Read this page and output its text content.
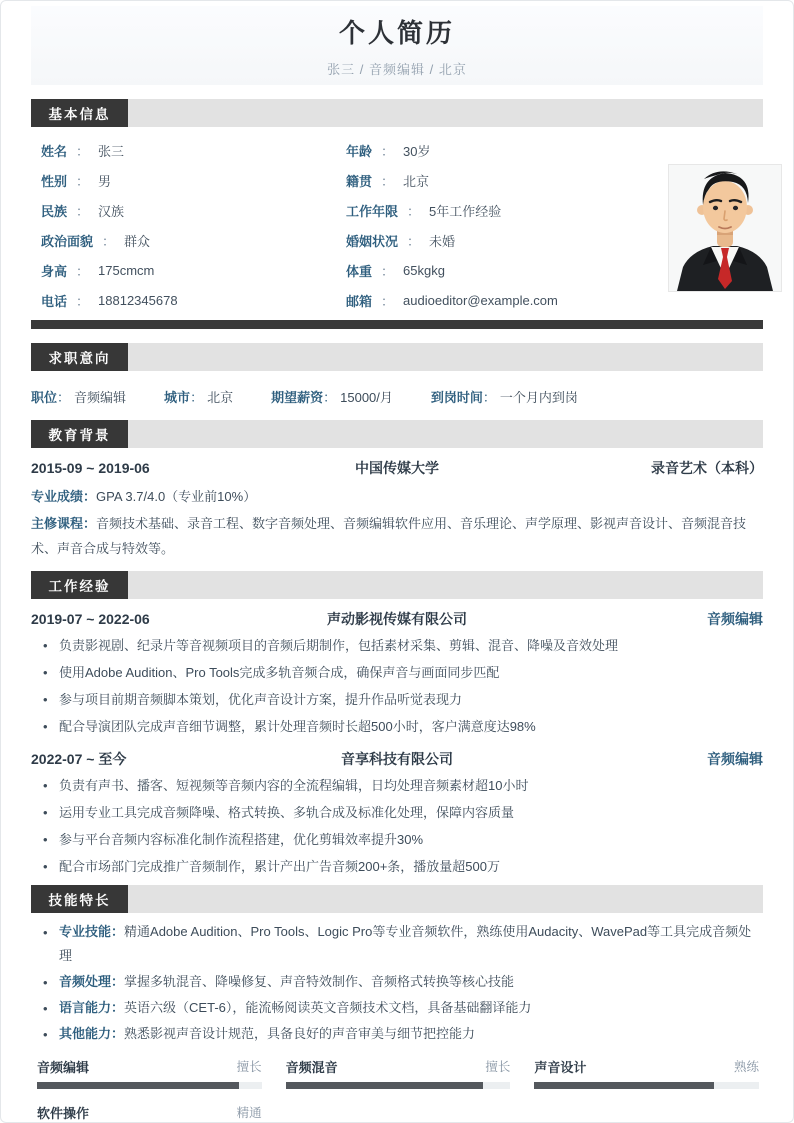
个人简历
张三 / 音频编辑 / 北京
基本信息
姓名 ： 张三	年龄 ： 30岁
性别 ： 男	籍贯 ： 北京
民族 ： 汉族	工作年限 ： 5年工作经验
政治面貌 ： 群众	婚姻状况 ： 未婚
身高 ： 175cmcm	体重 ： 65kgkg
电话 ： 18812345678	邮箱 ： audioeditor@example.com
求职意向
职位： 音频编辑	城市： 北京	期望薪资： 15000/月	到岗时间： 一个月内到岗
教育背景
2015-09 ~ 2019-06	中国传媒大学	录音艺术（本科）
专业成绩：GPA 3.7/4.0（专业前10%）
主修课程：音频技术基础、录音工程、数字音频处理、音频编辑软件应用、音乐理论、声学原理、影视声音设计、音频混音技术、声音合成与特效等。
工作经验
2019-07 ~ 2022-06	声动影视传媒有限公司	音频编辑
• 负责影视剧、纪录片等音视频项目的音频后期制作，包括素材采集、剪辑、混音、降噪及音效处理
• 使用Adobe Audition、Pro Tools完成多轨音频合成，确保声音与画面同步匹配
• 参与项目前期音频脚本策划，优化声音设计方案，提升作品听觉表现力
• 配合导演团队完成声音细节调整，累计处理音频时长超500小时，客户满意度达98%
2022-07 ~ 至今	音享科技有限公司	音频编辑
• 负责有声书、播客、短视频等音频内容的全流程编辑，日均处理音频素材超10小时
• 运用专业工具完成音频降噪、格式转换、多轨合成及标准化处理，保障内容质量
• 参与平台音频内容标准化制作流程搭建，优化剪辑效率提升30%
• 配合市场部门完成推广音频制作，累计产出广告音频200+条，播放量超500万
技能特长
• 专业技能：精通Adobe Audition、Pro Tools、Logic Pro等专业音频软件，熟练使用Audacity、WavePad等工具完成音频处理
• 音频处理：掌握多轨混音、降噪修复、声音特效制作、音频格式转换等核心技能
• 语言能力：英语六级（CET-6），能流畅阅读英文音频技术文档，具备基础翻译能力
• 其他能力：熟悉影视声音设计规范，具备良好的声音审美与细节把控能力
音频编辑	擅长 音频混音	擅长 声音设计	熟练
软件操作	精通
